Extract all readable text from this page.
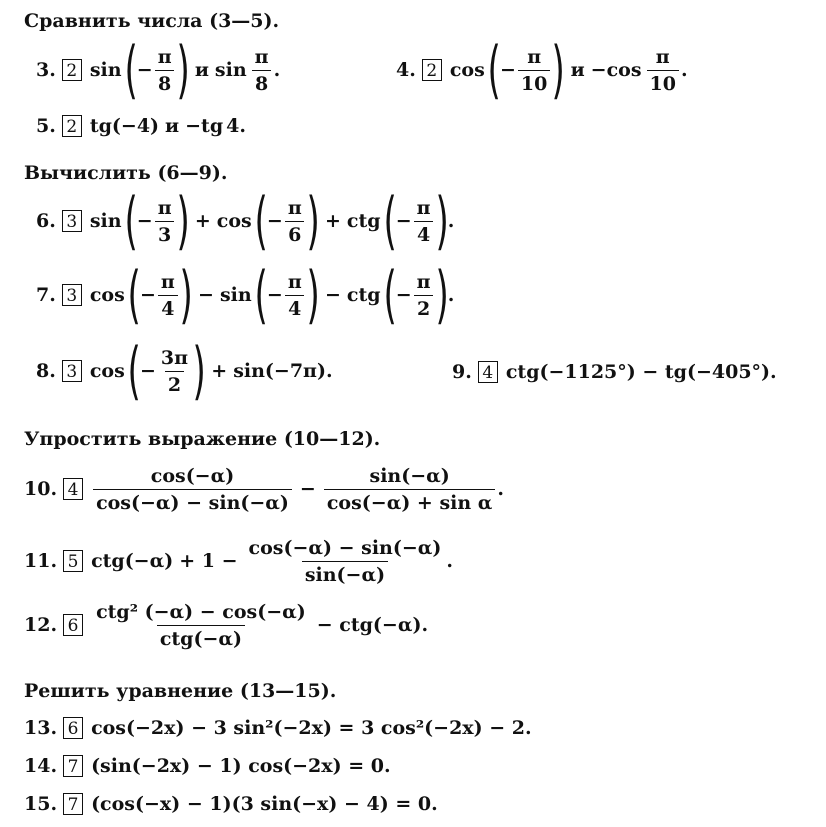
Сравнить числа (3—5).
3. 2 sin ( − $\frac{\pi}{8}$ ) и $\sin \frac{\pi}{8}$ .	4. 2 cos ( − $\frac{\pi}{10}$ ) $и -\cos \frac{\pi}{10}$ .
5. 2 tg(−4) и −tg 4.
Вычислить (6—9).
6. 3 sin ( − $\frac{\pi}{3}$ ) + cos ( − $\frac{\pi}{6}$ ) + ctg ( − $\frac{\pi}{4}$ ) .
7. 3 cos ( − $\frac{\pi}{4}$ ) − sin ( − $\frac{\pi}{4}$ ) − ctg ( − $\frac{\pi}{2}$ ) .
8. 3 cos ( − $\frac{3\pi}{2}$ ) + sin(−7π).	9. 4 ctg(−1125°) − tg(−405°).
Упростить выражение (10—12).
10. $4 \frac{\cos(-\alpha)}{\cos(-\alpha) - \sin(-\alpha)} - \frac{\sin(-\alpha)}{\text{cos(−α) + sin α}}$ .
11. 5 $ctg(-\alpha) + 1 - \frac{\cos(-\alpha) - \sin(-\alpha)}{\sin(-\alpha)}$ .
12. $6 \frac{\text{ctg² (−α) − cos(−α)}}{\text{ctg(−α)}} - ctg(-\alpha)$.
Решить уравнение (13—15).
13. 6 cos(−2x) − 3 sin²(−2x) = 3 cos²(−2x) − 2.
14. 7 (sin(−2x) − 1) cos(−2x) = 0.
15. 7 (cos(−x) − 1)(3 sin(−x) − 4) = 0.
